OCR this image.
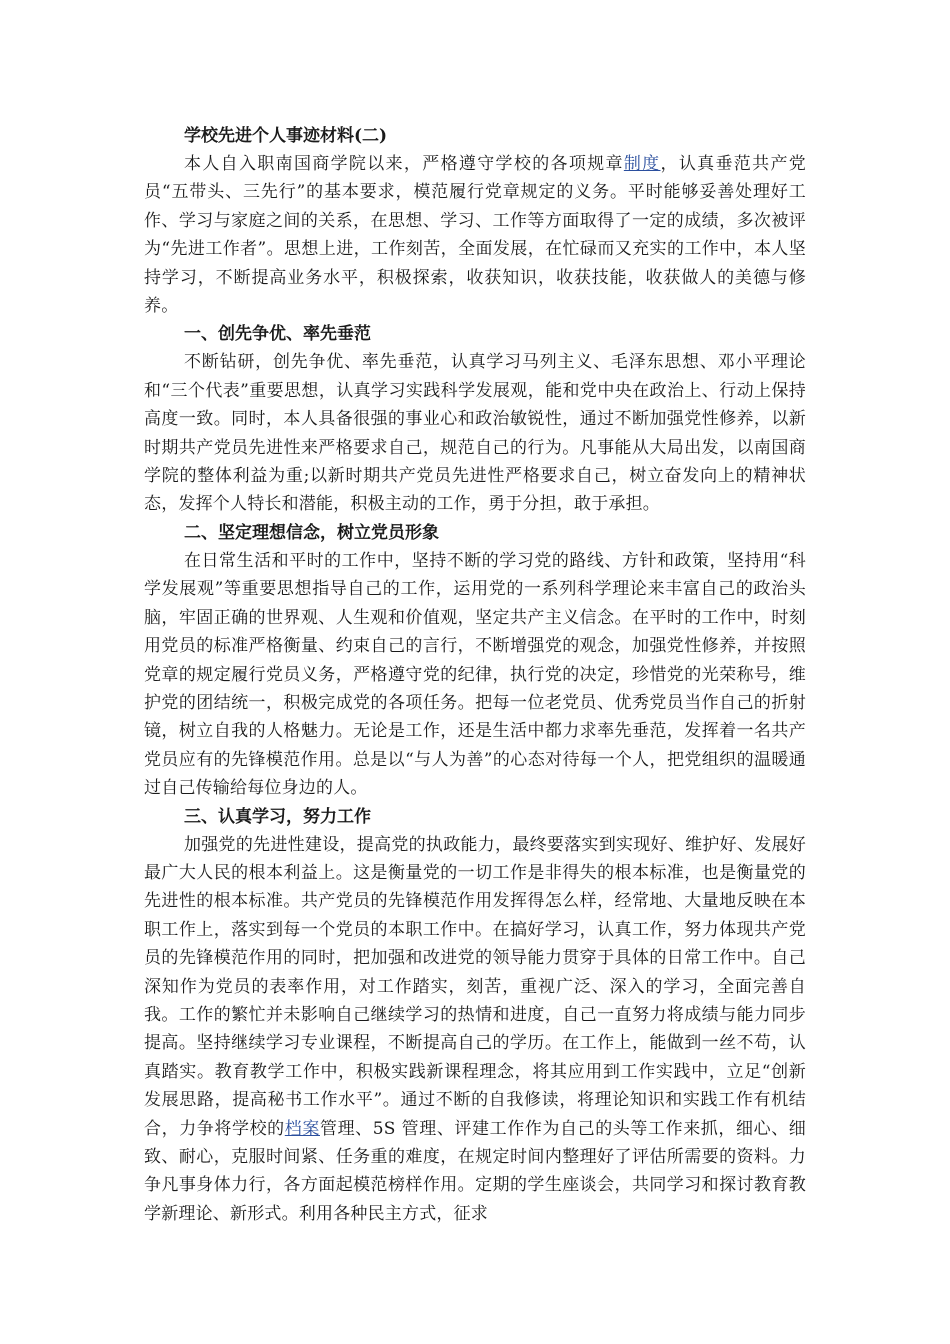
学校先进个人事迹材料(二)

本人自入职南国商学院以来，严格遵守学校的各项规章制度，认真垂范共产党员“五带头、三先行”的基本要求，模范履行党章规定的义务。平时能够妥善处理好工作、学习与家庭之间的关系，在思想、学习、工作等方面取得了一定的成绩，多次被评为“先进工作者”。思想上进，工作刻苦，全面发展，在忙碌而又充实的工作中，本人坚持学习，不断提高业务水平，积极探索，收获知识，收获技能，收获做人的美德与修养。

一、创先争优、率先垂范

不断钻研，创先争优、率先垂范，认真学习马列主义、毛泽东思想、邓小平理论和“三个代表”重要思想，认真学习实践科学发展观，能和党中央在政治上、行动上保持高度一致。同时，本人具备很强的事业心和政治敏锐性，通过不断加强党性修养，以新时期共产党员先进性来严格要求自己，规范自己的行为。凡事能从大局出发，以南国商学院的整体利益为重;以新时期共产党员先进性严格要求自己，树立奋发向上的精神状态，发挥个人特长和潜能，积极主动的工作，勇于分担，敢于承担。

二、坚定理想信念，树立党员形象

在日常生活和平时的工作中，坚持不断的学习党的路线、方针和政策，坚持用“科学发展观”等重要思想指导自己的工作，运用党的一系列科学理论来丰富自己的政治头脑，牢固正确的世界观、人生观和价值观，坚定共产主义信念。在平时的工作中，时刻用党员的标准严格衡量、约束自己的言行，不断增强党的观念，加强党性修养，并按照党章的规定履行党员义务，严格遵守党的纪律，执行党的决定，珍惜党的光荣称号，维护党的团结统一，积极完成党的各项任务。把每一位老党员、优秀党员当作自己的折射镜，树立自我的人格魅力。无论是工作，还是生活中都力求率先垂范，发挥着一名共产党员应有的先锋模范作用。总是以“与人为善”的心态对待每一个人，把党组织的温暖通过自己传输给每位身边的人。

三、认真学习，努力工作

加强党的先进性建设，提高党的执政能力，最终要落实到实现好、维护好、发展好最广大人民的根本利益上。这是衡量党的一切工作是非得失的根本标准，也是衡量党的先进性的根本标准。共产党员的先锋模范作用发挥得怎么样，经常地、大量地反映在本职工作上，落实到每一个党员的本职工作中。在搞好学习，认真工作，努力体现共产党员的先锋模范作用的同时，把加强和改进党的领导能力贯穿于具体的日常工作中。自己深知作为党员的表率作用，对工作踏实，刻苦，重视广泛、深入的学习，全面完善自我。工作的繁忙并未影响自己继续学习的热情和进度，自己一直努力将成绩与能力同步提高。坚持继续学习专业课程，不断提高自己的学历。在工作上，能做到一丝不苟，认真踏实。教育教学工作中，积极实践新课程理念，将其应用到工作实践中，立足“创新发展思路，提高秘书工作水平”。通过不断的自我修读，将理论知识和实践工作有机结合，力争将学校的档案管理、5S 管理、评建工作作为自己的头等工作来抓，细心、细致、耐心，克服时间紧、任务重的难度，在规定时间内整理好了评估所需要的资料。力争凡事身体力行，各方面起模范榜样作用。定期的学生座谈会，共同学习和探讨教育教学新理论、新形式。利用各种民主方式，征求
